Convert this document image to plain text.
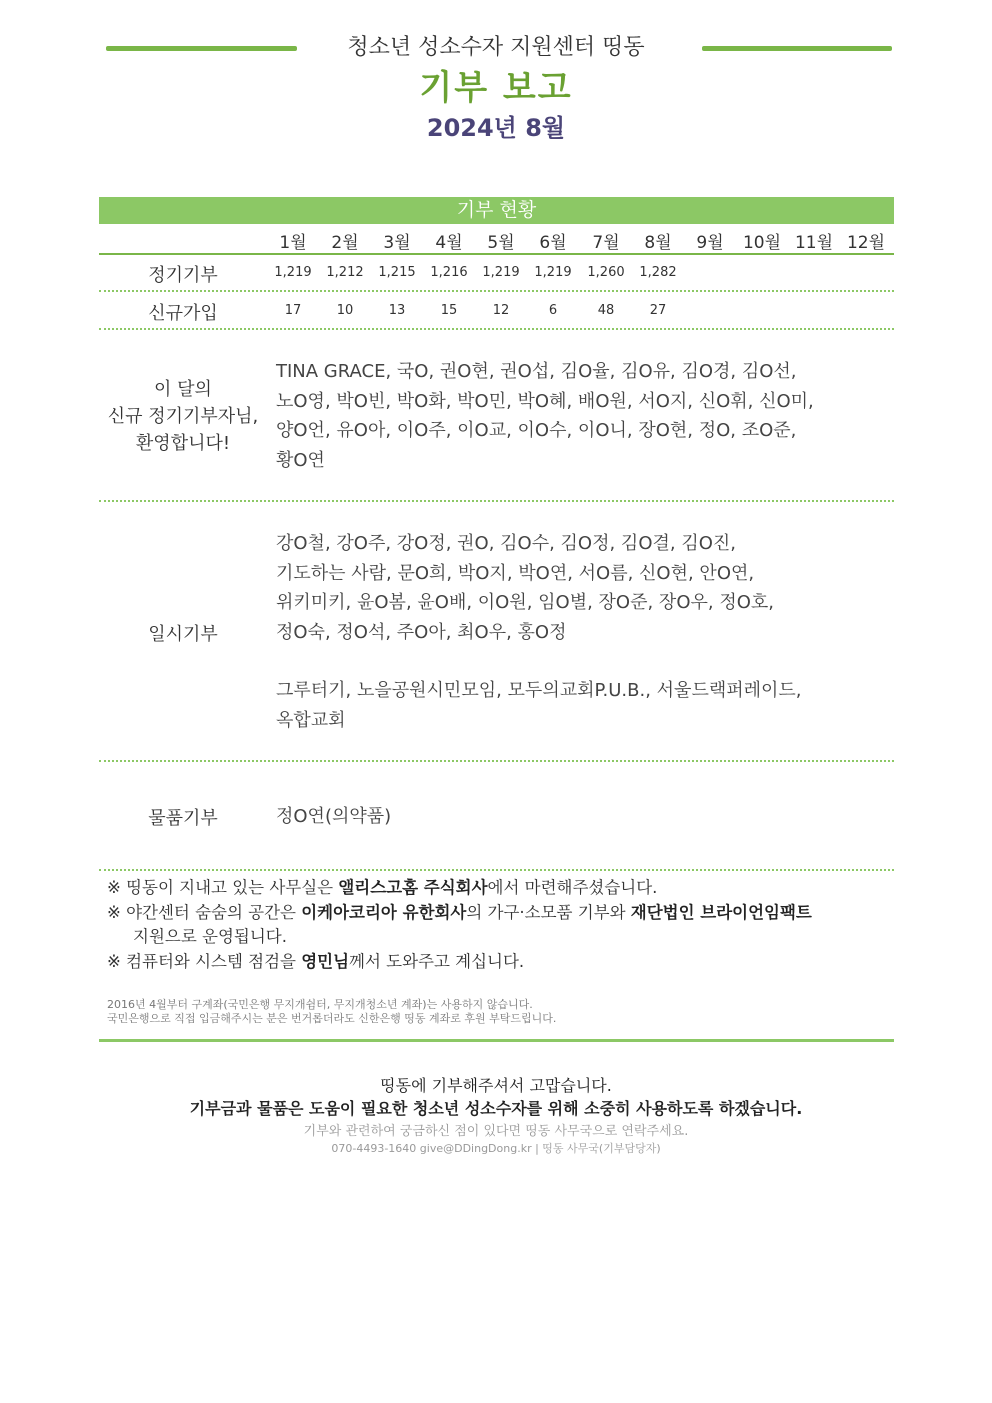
청소년 성소수자 지원센터 띵동
기부 보고
2024년 8월
기부 현황
1월	2월	3월	4월	5월	6월	7월	8월	9월	10월 11월 12월
정기기부	1,219	1,212	1,215	1,216	1,219	1,219	1,260	1,282
신규가입	17	10	13	15	12	6	48	27
이 달의
신규 정기기부자님,
환영합니다!
TINA GRACE, 국O, 권O현, 권O섭, 김O율, 김O유, 김O경, 김O선,
노O영, 박O빈, 박O화, 박O민, 박O혜, 배O원, 서O지, 신O휘, 신O미,
양O언, 유O아, 이O주, 이O교, 이O수, 이O니, 장O현, 정O, 조O준,
황O연
일시기부
강O철, 강O주, 강O정, 권O, 김O수, 김O정, 김O결, 김O진,
기도하는 사람, 문O희, 박O지, 박O연, 서O름, 신O현, 안O연,
위키미키, 윤O봄, 윤O배, 이O원, 임O별, 장O준, 장O우, 정O호,
정O숙, 정O석, 주O아, 최O우, 홍O정
그루터기, 노을공원시민모임, 모두의교회P.U.B., 서울드랙퍼레이드,
옥합교회
물품기부	정O연(의약품)
※ 띵동이 지내고 있는 사무실은 앨리스고홈 주식회사에서 마련해주셨습니다.
※ 야간센터 숨숨의 공간은 이케아코리아 유한회사의 가구·소모품 기부와 재단법인 브라이언임팩트
지원으로 운영됩니다.
※ 컴퓨터와 시스템 점검을 영민님께서 도와주고 계십니다.
2016년 4월부터 구계좌(국민은행 무지개쉼터, 무지개청소년 계좌)는 사용하지 않습니다.
국민은행으로 직접 입금해주시는 분은 번거롭더라도 신한은행 띵동 계좌로 후원 부탁드립니다.
띵동에 기부해주셔서 고맙습니다.
기부금과 물품은 도움이 필요한 청소년 성소수자를 위해 소중히 사용하도록 하겠습니다.
기부와 관련하여 궁금하신 점이 있다면 띵동 사무국으로 연락주세요.
070-4493-1640 give@DDingDong.kr | 띵동 사무국(기부담당자)
